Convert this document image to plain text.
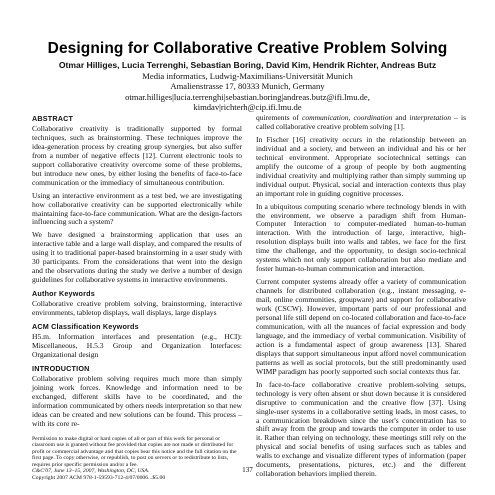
Designing for Collaborative Creative Problem Solving
Otmar Hilliges, Lucia Terrenghi, Sebastian Boring, David Kim, Hendrik Richter, Andreas Butz
Media informatics, Ludwig-Maximilians-Universität Munich
Amalienstrasse 17, 80333 Munich, Germany
otmar.hilliges|lucia.terrenghi|sebastian.boring|andreas.butz@ifi.lmu.de,
kimdav|richterh@cip.ifi.lmu.de
ABSTRACT

Collaborative creativity is traditionally supported by formal techniques, such as brainstorming. These techniques improve the idea-generation process by creating group synergies, but also suffer from a number of negative effects [12]. Current electronic tools to support collaborative creativity overcome some of these problems, but introduce new ones, by either losing the benefits of face-to-face communication or the immediacy of simultaneous contribution.

Using an interactive environment as a test bed, we are investigating how collaborative creativity can be supported electronically while maintaining face-to-face communication. What are the design-factors influencing such a system?

We have designed a brainstorming application that uses an interactive table and a large wall display, and compared the results of using it to traditional paper-based brainstorming in a user study with 30 participants. From the considerations that went into the design and the observations during the study we derive a number of design guidelines for collaborative systems in interactive environments.

Author Keywords

Collaborative creative problem solving, brainstorming, interactive environments, tabletop displays, wall displays, large displays

ACM Classification Keywords

H5.m. Information interfaces and presentation (e.g., HCI): Miscellaneous, H.5.3 Group and Organization Interfaces: Organizational design

INTRODUCTION

Collaborative problem solving requires much more than simply joining work forces. Knowledge and information need to be exchanged, different skills have to be coordinated, and the information communicated by others needs interpretation so that new ideas can be created and new solutions can be found. This process – with its core re-

Permission to make digital or hard copies of all or part of this work for personal or classroom use is granted without fee provided that copies are not made or distributed for profit or commercial advantage and that copies bear this notice and the full citation on the first page. To copy otherwise, or republish, to post on servers or to redistribute to lists, requires prior specific permission and/or a fee.
C&C'07, June 13–15, 2007, Washington, DC, USA.
Copyright 2007 ACM 978-1-59593-712-4/07/0006...$5.00

quirements of communication, coordination and interpretation – is called collaborative creative problem solving [1].

In Fischer [16] creativity occurs in the relationship between an individual and a society, and between an individual and his or her technical environment. Appropriate sociotechnical settings can amplify the outcome of a group of people by both augmenting individual creativity and multiplying rather than simply summing up individual output. Physical, social and interaction contexts thus play an important role in guiding cognitive processes.

In a ubiquitous computing scenario where technology blends in with the environment, we observe a paradigm shift from Human-Computer Interaction to computer-mediated human-to-human interaction. With the introduction of large, interactive, high-resolution displays built into walls and tables, we face for the first time the challenge, and the opportunity, to design socio-technical systems which not only support collaboration but also mediate and foster human-to-human communication and interaction.

Current computer systems already offer a variety of communication channels for distributed collaboration (e.g., instant messaging, e-mail, online communities, groupware) and support for collaborative work (CSCW). However, important parts of our professional and personal life still depend on co-located collaboration and face-to-face communication, with all the nuances of facial expression and body language, and the immediacy of verbal communication. Visibility of action is a fundamental aspect of group awareness [13]. Shared displays that support simultaneous input afford novel communication patterns as well as social protocols, but the still predominantly used WIMP paradigm has poorly supported such social contexts thus far.

In face-to-face collaborative creative problem-solving setups, technology is very often absent or shut down because it is considered disruptive to communication and the creative flow [37]. Using single-user systems in a collaborative setting leads, in most cases, to a communication breakdown since the user's concentration has to shift away from the group and towards the computer in order to use it. Rather than relying on technology, these meetings still rely on the physical and social benefits of using surfaces such as tables and walls to exchange and visualize different types of information (paper documents, presentations, pictures, etc.) and the different collaboration behaviors implied therein.

137
